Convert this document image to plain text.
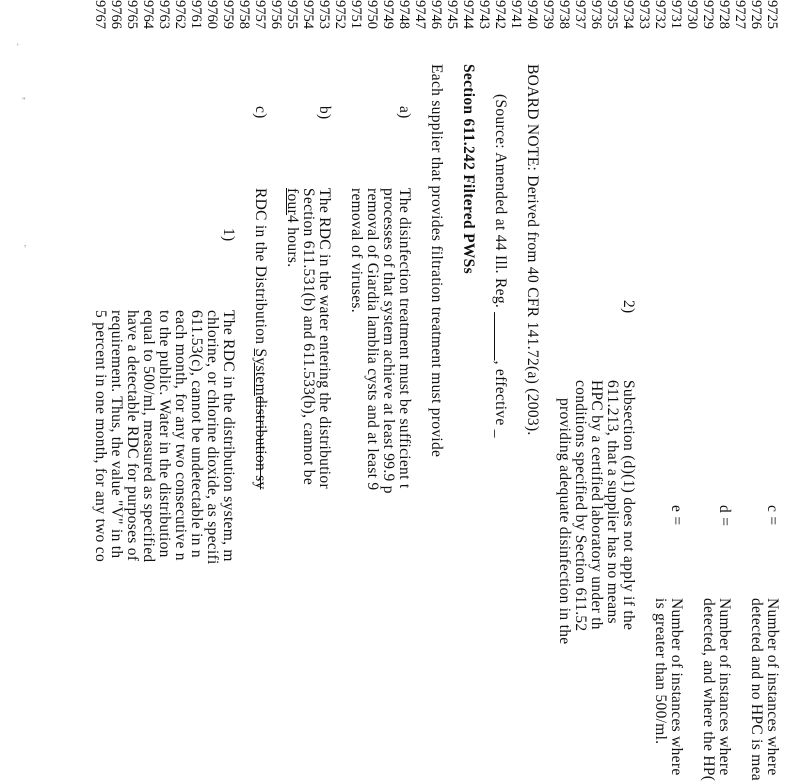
'
"
,
9725
9726
9727
9728
9729
9730
9731
9732
9733
9734
9735
9736
9737
9738
9739
9740
9741
9742
9743
9744
9745
9746
9747
9748
9749
9750
9751
9752
9753
9754
9755
9756
9757
9758
9759
9760
9761
9762
9763
9764
9765
9766
9767
c =
Number of instances where
detected and no HPC is mea
d =
Number of instances where
detected, and where the HP(
e =
Number of instances where
is greater than 500/ml.
2)
Subsection (d)(1) does not apply if the
611.213, that a supplier has no means
HPC by a certified laboratory under th
conditions specified by Section 611.52
providing adequate disinfection in the
BOARD NOTE: Derived from 40 CFR 141.72(a) (2003).
(Source: Amended at 44 Ill. Reg. ______, effective _
Section 611.242 Filtered PWSs
Each supplier that provides filtration treatment must provide
a)
The disinfection treatment must be sufficient t
processes of that system achieve at least 99.9 p
removal of Giardia lamblia cysts and at least 9
removal of viruses.
b)
The RDC in the water entering the distributior
Section 611.531(b) and 611.533(b), cannot be
four4 hours.
c)
RDC in the Distribution Systemdistribution sy
1)
The RDC in the distribution system, m
chlorine, or chlorine dioxide, as specifi
611.53(c), cannot be undetectable in n
each month, for any two consecutive n
to the public. Water in the distribution
equal to 500/ml, measured as specified
have a detectable RDC for purposes of
requirement. Thus, the value "V" in th
5 percent in one month, for any two co
